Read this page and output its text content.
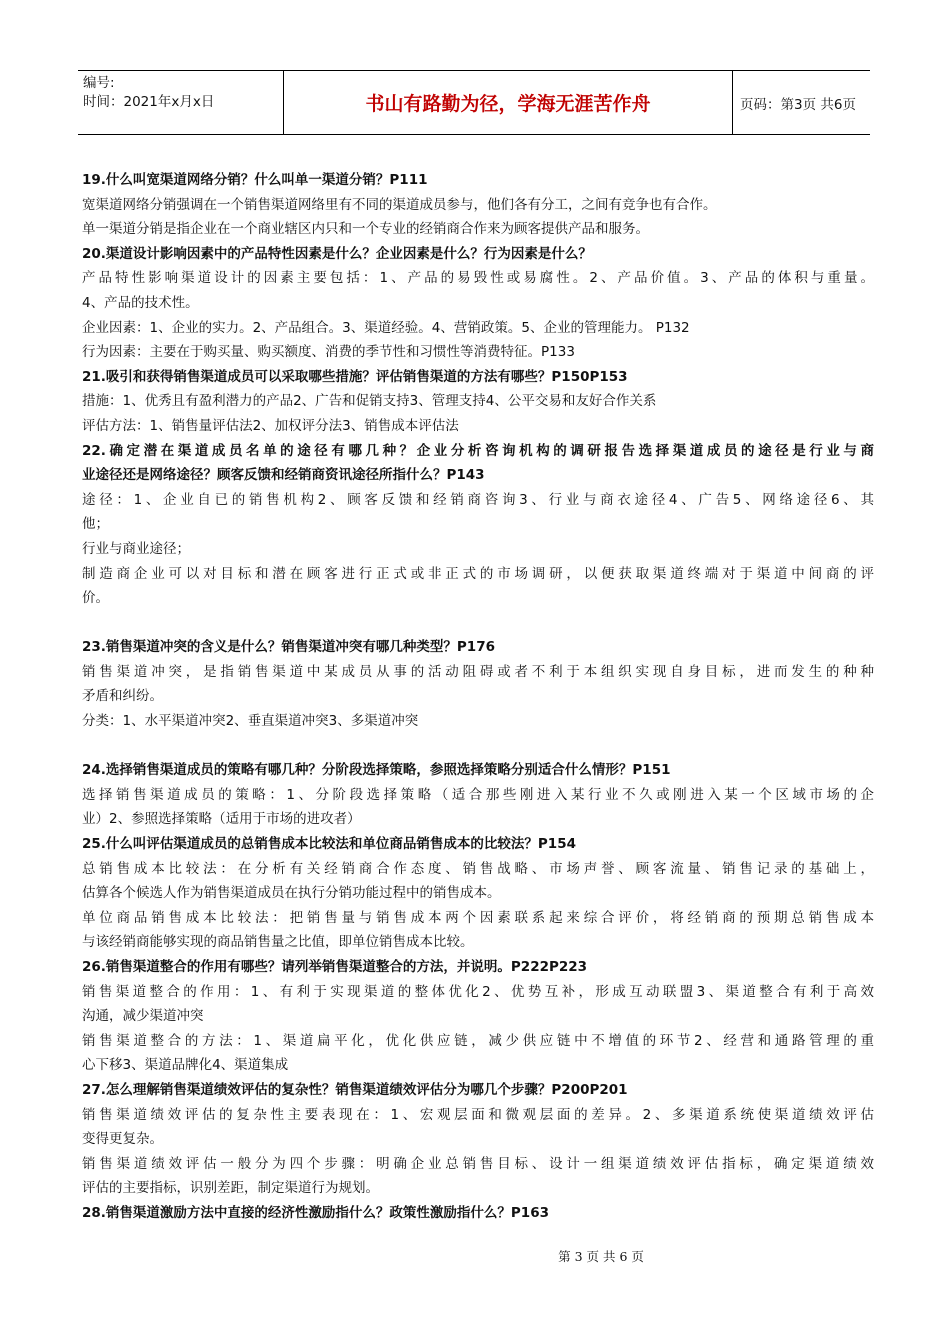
编号:
时间：2021年x月x日	书山有路勤为径，学海无涯苦作舟	页码：第3页 共6页
19.什么叫宽渠道网络分销？什么叫单一渠道分销？P111
宽渠道网络分销强调在一个销售渠道网络里有不同的渠道成员参与，他们各有分工，之间有竞争也有合作。
单一渠道分销是指企业在一个商业辖区内只和一个专业的经销商合作来为顾客提供产品和服务。
20.渠道设计影响因素中的产品特性因素是什么？企业因素是什么？行为因素是什么？
产品特性影响渠道设计的因素主要包括：1、产品的易毁性或易腐性。2、产品价值。3、产品的体积与重量。
4、产品的技术性。
企业因素：1、企业的实力。2、产品组合。3、渠道经验。4、营销政策。5、企业的管理能力。 P132
行为因素：主要在于购买量、购买额度、消费的季节性和习惯性等消费特征。P133
21.吸引和获得销售渠道成员可以采取哪些措施？评估销售渠道的方法有哪些？P150P153
措施：1、优秀且有盈利潜力的产品2、广告和促销支持3、管理支持4、公平交易和友好合作关系
评估方法：1、销售量评估法2、加权评分法3、销售成本评估法
22.确定潜在渠道成员名单的途径有哪几种？企业分析咨询机构的调研报告选择渠道成员的途径是行业与商
业途径还是网络途径？顾客反馈和经销商资讯途径所指什么？P143
途径：1、企业自已的销售机构2、顾客反馈和经销商咨询3、行业与商衣途径4、广告5、网络途径6、其
他；
行业与商业途径；
制造商企业可以对目标和潜在顾客进行正式或非正式的市场调研，以便获取渠道终端对于渠道中间商的评
价。
23.销售渠道冲突的含义是什么？销售渠道冲突有哪几种类型？P176
销售渠道冲突，是指销售渠道中某成员从事的活动阻碍或者不利于本组织实现自身目标，进而发生的种种
矛盾和纠纷。
分类：1、水平渠道冲突2、垂直渠道冲突3、多渠道冲突
24.选择销售渠道成员的策略有哪几种？分阶段选择策略，参照选择策略分别适合什么情形？P151
选择销售渠道成员的策略：1、分阶段选择策略（适合那些刚进入某行业不久或刚进入某一个区域市场的企
业）2、参照选择策略（适用于市场的进攻者）
25.什么叫评估渠道成员的总销售成本比较法和单位商品销售成本的比较法？P154
总销售成本比较法：在分析有关经销商合作态度、销售战略、市场声誉、顾客流量、销售记录的基础上，
估算各个候选人作为销售渠道成员在执行分销功能过程中的销售成本。
单位商品销售成本比较法：把销售量与销售成本两个因素联系起来综合评价，将经销商的预期总销售成本
与该经销商能够实现的商品销售量之比值，即单位销售成本比较。
26.销售渠道整合的作用有哪些？请列举销售渠道整合的方法，并说明。P222P223
销售渠道整合的作用：1、有利于实现渠道的整体优化2、优势互补，形成互动联盟3、渠道整合有利于高效
沟通，减少渠道冲突
销售渠道整合的方法：1、渠道扁平化，优化供应链，减少供应链中不增值的环节2、经营和通路管理的重
心下移3、渠道品牌化4、渠道集成
27.怎么理解销售渠道绩效评估的复杂性？销售渠道绩效评估分为哪几个步骤？P200P201
销售渠道绩效评估的复杂性主要表现在：1、宏观层面和微观层面的差异。2、多渠道系统使渠道绩效评估
变得更复杂。
销售渠道绩效评估一般分为四个步骤：明确企业总销售目标、设计一组渠道绩效评估指标，确定渠道绩效
评估的主要指标，识别差距，制定渠道行为规划。
28.销售渠道激励方法中直接的经济性激励指什么？政策性激励指什么？P163
第 3 页 共 6 页
